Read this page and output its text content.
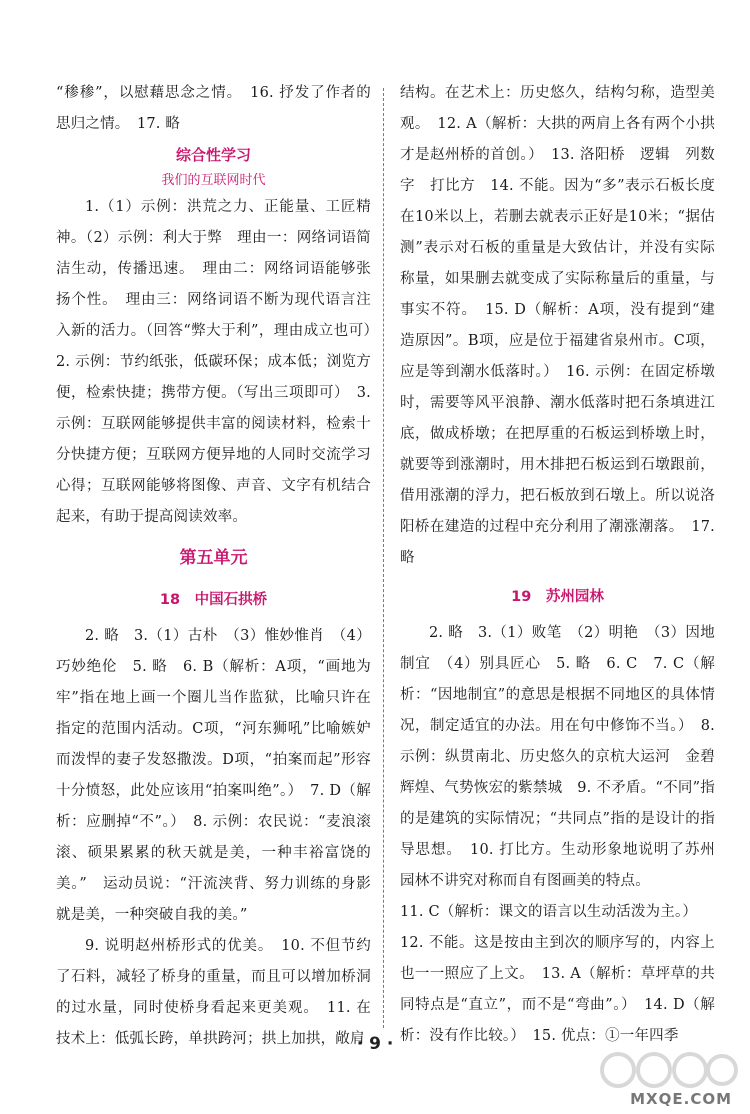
“䅟䅟”，以慰藉思念之情。　16. 抒发了作者的思归之情。　17. 略

综合性学习
我们的互联网时代

1.（1）示例：洪荒之力、正能量、工匠精神。（2）示例：利大于弊　理由一：网络词语简洁生动，传播迅速。　理由二：网络词语能够张扬个性。　理由三：网络词语不断为现代语言注入新的活力。（回答“弊大于利”，理由成立也可）　2. 示例：节约纸张，低碳环保；成本低；浏览方便，检索快捷；携带方便。（写出三项即可）　3. 示例：互联网能够提供丰富的阅读材料，检索十分快捷方便；互联网方便异地的人同时交流学习心得；互联网能够将图像、声音、文字有机结合起来，有助于提高阅读效率。

第五单元
18　中国石拱桥

2. 略　3.（1）古朴　（3）惟妙惟肖　（4）巧妙绝伦　5. 略　6. B（解析：A项，“画地为牢”指在地上画一个圈儿当作监狱，比喻只许在指定的范围内活动。C项，“河东狮吼”比喻嫉妒而泼悍的妻子发怒撒泼。D项，“拍案而起”形容十分愤怒，此处应该用“拍案叫绝”。）　7. D（解析：应删掉“不”。）　8. 示例：农民说：“麦浪滚滚、硕果累累的秋天就是美，一种丰裕富饶的美。”　运动员说：“汗流浃背、努力训练的身影就是美，一种突破自我的美。”

9. 说明赵州桥形式的优美。　10. 不但节约了石料，减轻了桥身的重量，而且可以增加桥洞的过水量，同时使桥身看起来更美观。　11. 在技术上：低弧长跨，单拱跨河；拱上加拱，敞肩

结构。在艺术上：历史悠久，结构匀称，造型美观。　12. A（解析：大拱的两肩上各有两个小拱才是赵州桥的首创。）　13. 洛阳桥　逻辑　列数字　打比方　14. 不能。因为“多”表示石板长度在10米以上，若删去就表示正好是10米；“据估测”表示对石板的重量是大致估计，并没有实际称量，如果删去就变成了实际称量后的重量，与事实不符。　15. D（解析：A项，没有提到“建造原因”。B项，应是位于福建省泉州市。C项，应是等到潮水低落时。）　16. 示例：在固定桥墩时，需要等风平浪静、潮水低落时把石条填进江底，做成桥墩；在把厚重的石板运到桥墩上时，就要等到涨潮时，用木排把石板运到石墩跟前，借用涨潮的浮力，把石板放到石墩上。所以说洛阳桥在建造的过程中充分利用了潮涨潮落。　17. 略

19　苏州园林

2. 略　3.（1）败笔　（2）明艳　（3）因地制宜　（4）别具匠心　5. 略　6. C　7. C（解析：“因地制宜”的意思是根据不同地区的具体情况，制定适宜的办法。用在句中修饰不当。）　8. 示例：纵贯南北、历史悠久的京杭大运河　金碧辉煌、气势恢宏的紫禁城　9. 不矛盾。“不同”指的是建筑的实际情况；“共同点”指的是设计的指导思想。　10. 打比方。生动形象地说明了苏州园林不讲究对称而自有图画美的特点。

11. C（解析：课文的语言以生动活泼为主。）

12. 不能。这是按由主到次的顺序写的，内容上也一一照应了上文。　13. A（解析：草坪草的共同特点是“直立”，而不是“弯曲”。）　14. D（解析：没有作比较。）　15. 优点：①一年四季

· 9 ·
MXQE.COM
